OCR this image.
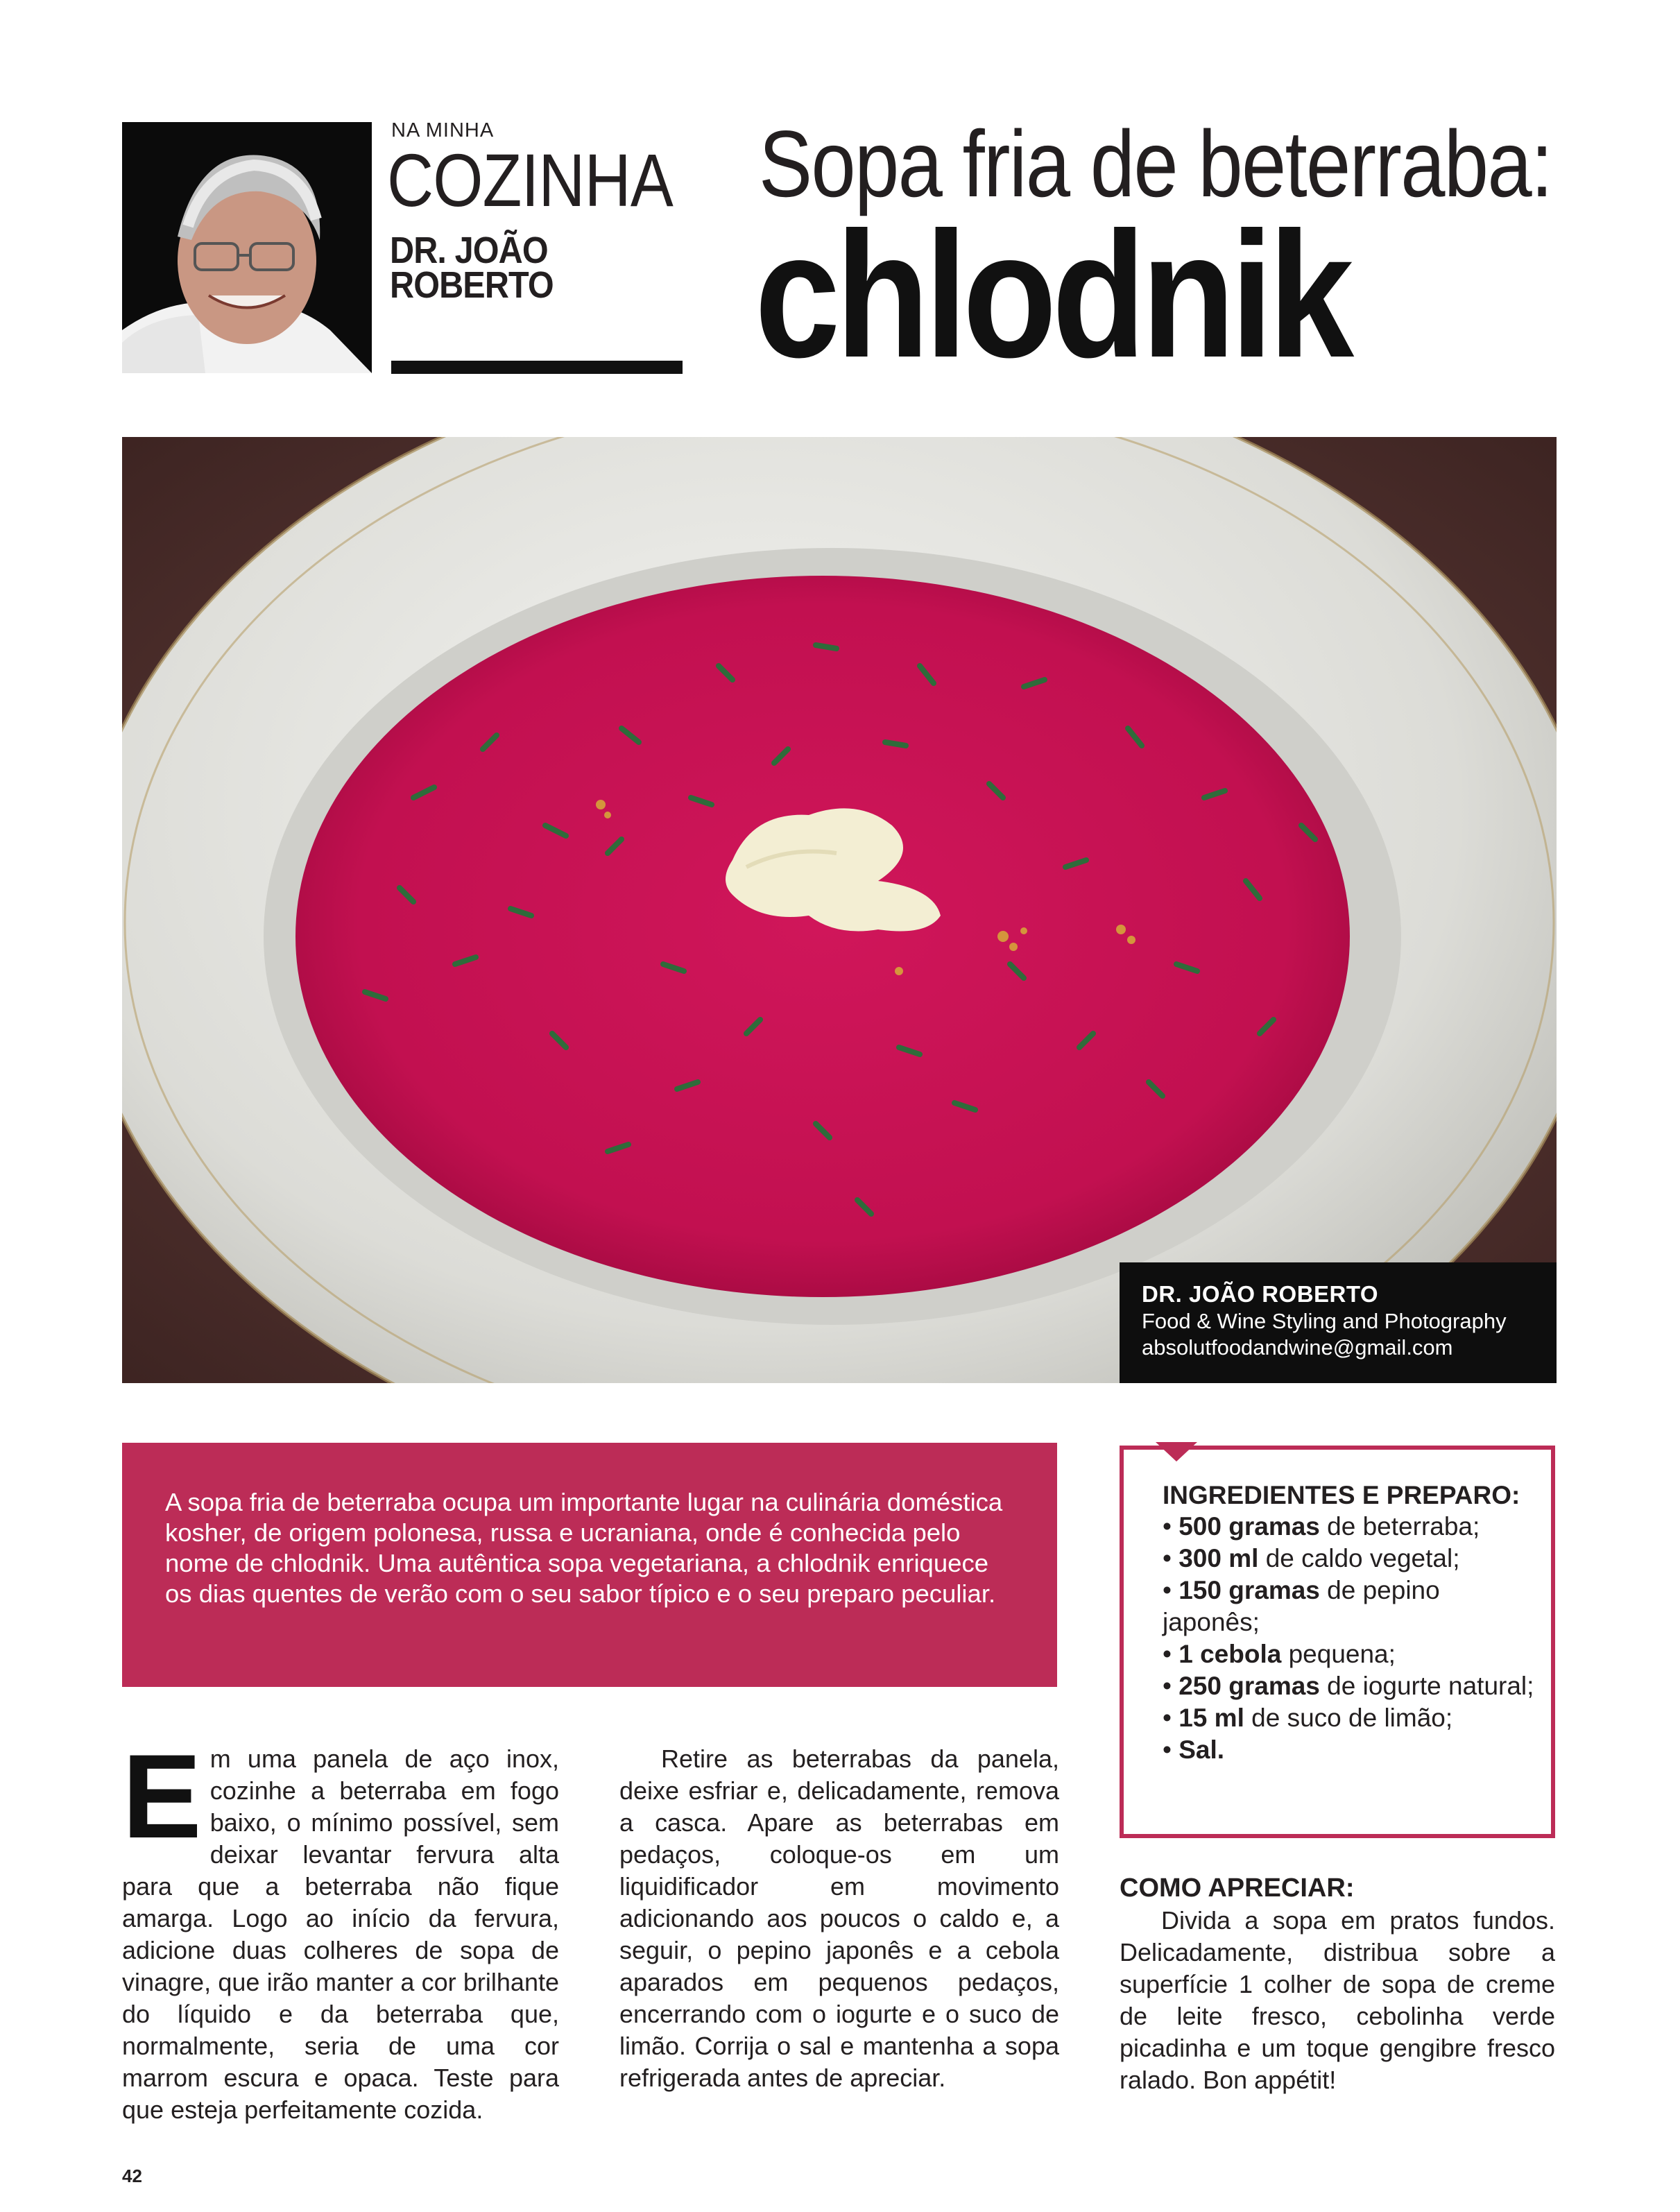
NA MINHA
COZINHA
DR. JOÃO ROBERTO
Sopa fria de beterraba:
chlodnik
DR. JOÃO ROBERTO
Food & Wine Styling and Photography
absolutfoodandwine@gmail.com

A sopa fria de beterraba ocupa um importante lugar na culinária doméstica kosher, de origem polonesa, russa e ucraniana, onde é conhecida pelo nome de chlodnik. Uma autêntica sopa vegetariana, a chlodnik enriquece os dias quentes de verão com o seu sabor típico e o seu preparo peculiar.

INGREDIENTES E PREPARO:
• 500 gramas de beterraba;
• 300 ml de caldo vegetal;
• 150 gramas de pepino japonês;
• 1 cebola pequena;
• 250 gramas de iogurte natural;
• 15 ml de suco de limão;
• Sal.
Em uma panela de aço inox, cozinhe a beterraba em fogo baixo, o mínimo possível, sem deixar levantar fervura alta para que a beterraba não fique amarga. Logo ao início da fervura, adicione duas colheres de sopa de vinagre, que irão manter a cor brilhante do líquido e da beterraba que, normalmente, seria de uma cor marrom escura e opaca. Teste para que esteja perfeitamente cozida.
Retire as beterrabas da panela, deixe esfriar e, delicadamente, remova a casca. Apare as beterrabas em pedaços, coloque-os em um liquidificador em movimento adicionando aos poucos o caldo e, a seguir, o pepino japonês e a cebola aparados em pequenos pedaços, encerrando com o iogurte e o suco de limão. Corrija o sal e mantenha a sopa refrigerada antes de apreciar.
COMO APRECIAR:
Divida a sopa em pratos fundos. Delicadamente, distribua sobre a superfície 1 colher de sopa de creme de leite fresco, cebolinha verde picadinha e um toque gengibre fresco ralado. Bon appétit!
42
